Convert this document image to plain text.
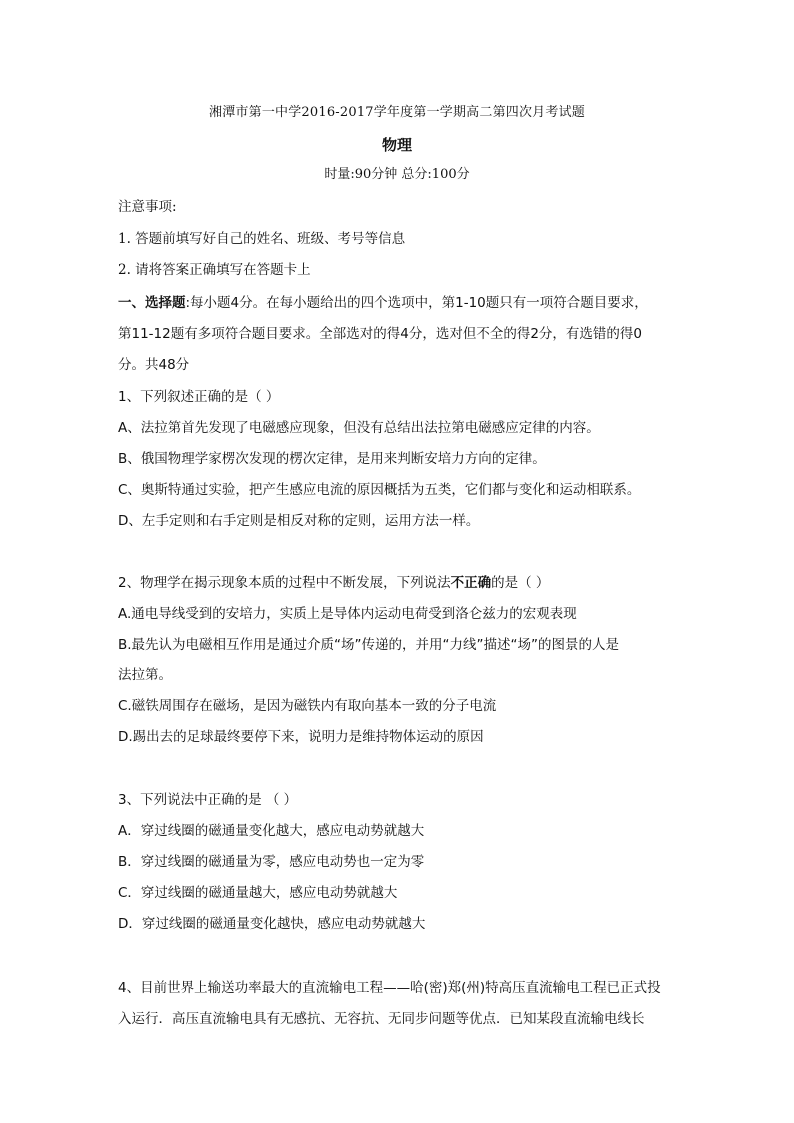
湘潭市第一中学2016-2017学年度第一学期高二第四次月考试题
物理
时量:90分钟 总分:100分
注意事项:
1. 答题前填写好自己的姓名、班级、考号等信息
2. 请将答案正确填写在答题卡上
一、选择题:每小题4分。在每小题给出的四个选项中，第1-10题只有一项符合题目要求，
第11-12题有多项符合题目要求。全部选对的得4分，选对但不全的得2分，有选错的得0
分。共48分
1、下列叙述正确的是（ ）
A、法拉第首先发现了电磁感应现象，但没有总结出法拉第电磁感应定律的内容。
B、俄国物理学家楞次发现的楞次定律，是用来判断安培力方向的定律。
C、奥斯特通过实验，把产生感应电流的原因概括为五类，它们都与变化和运动相联系。
D、左手定则和右手定则是相反对称的定则，运用方法一样。
2、物理学在揭示现象本质的过程中不断发展，下列说法不正确的是（ ）
A.通电导线受到的安培力，实质上是导体内运动电荷受到洛仑兹力的宏观表现
B.最先认为电磁相互作用是通过介质“场”传递的，并用“力线”描述“场”的图景的人是
法拉第。
C.磁铁周围存在磁场，是因为磁铁内有取向基本一致的分子电流
D.踢出去的足球最终要停下来，说明力是维持物体运动的原因
3、下列说法中正确的是 （ ）
A．穿过线圈的磁通量变化越大，感应电动势就越大
B．穿过线圈的磁通量为零，感应电动势也一定为零
C．穿过线圈的磁通量越大，感应电动势就越大
D．穿过线圈的磁通量变化越快，感应电动势就越大
4、目前世界上输送功率最大的直流输电工程——哈(密)郑(州)特高压直流输电工程已正式投
入运行．高压直流输电具有无感抗、无容抗、无同步问题等优点．已知某段直流输电线长
